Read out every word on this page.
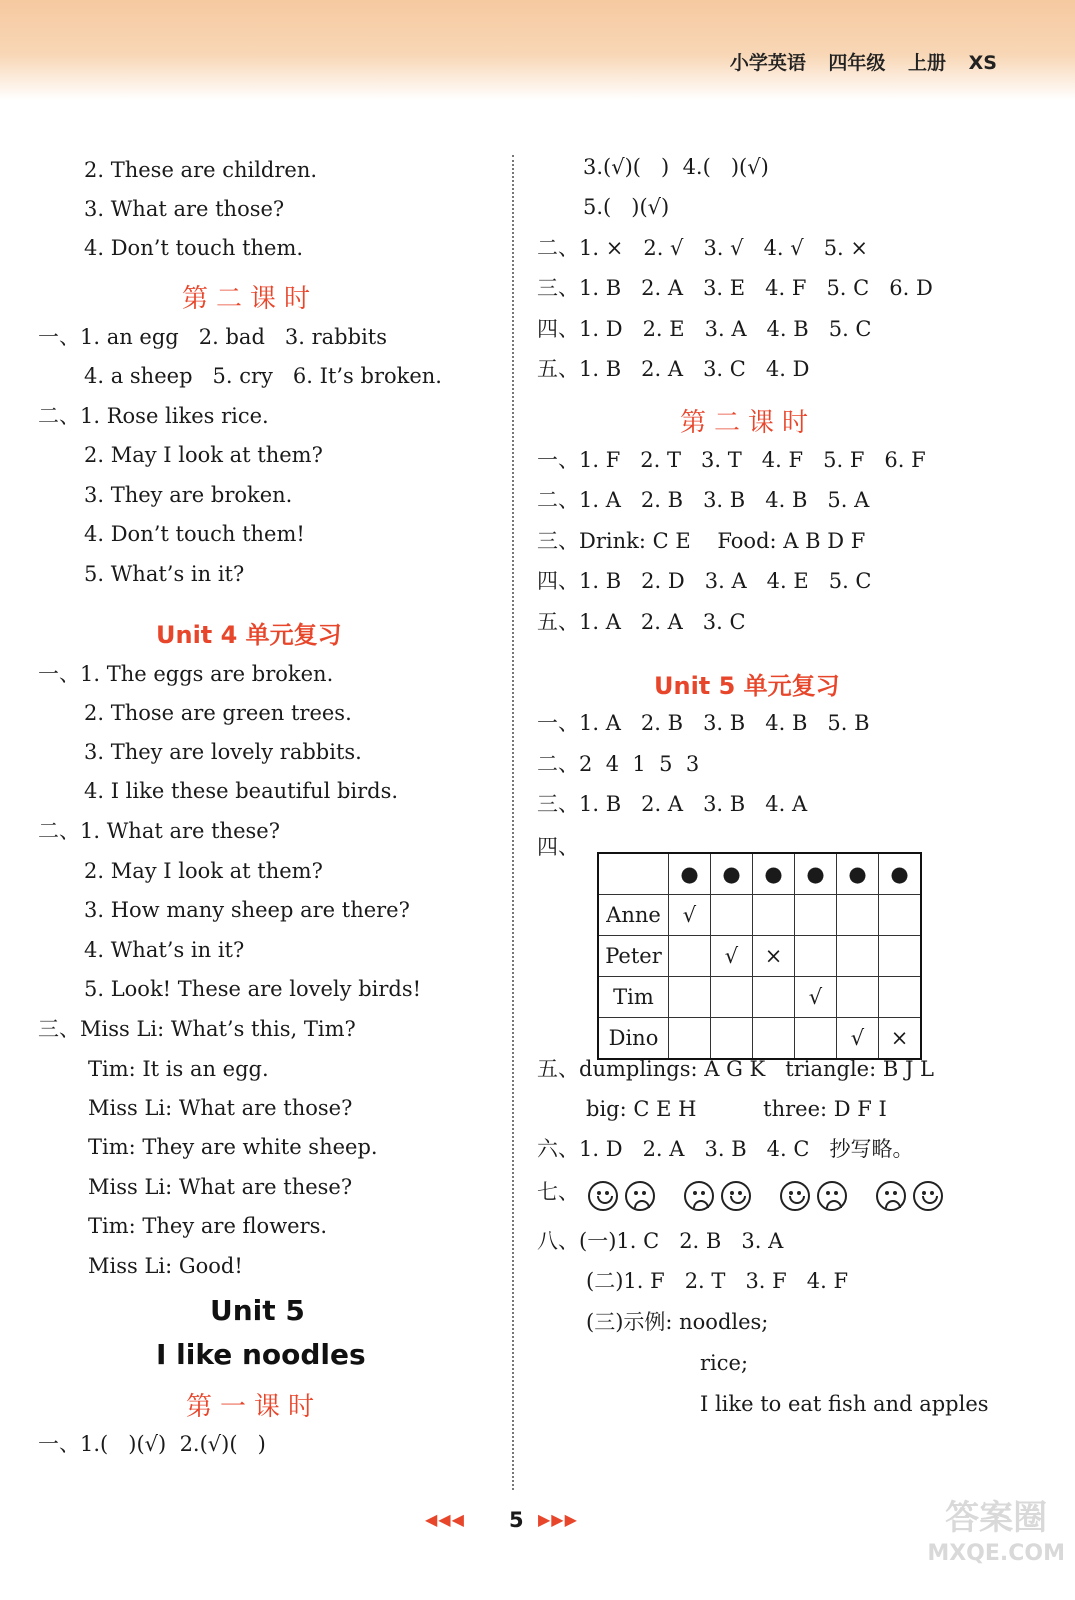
小学英语 四年级 上册 XS
2. These are children.
3. What are those?
4. Don’t touch them.
第二课时
一、1. an egg   2. bad   3. rabbits
4. a sheep   5. cry   6. It’s broken.
二、1. Rose likes rice.
2. May I look at them?
3. They are broken.
4. Don’t touch them!
5. What’s in it?
Unit 4 单元复习
一、1. The eggs are broken.
2. Those are green trees.
3. They are lovely rabbits.
4. I like these beautiful birds.
二、1. What are these?
2. May I look at them?
3. How many sheep are there?
4. What’s in it?
5. Look! These are lovely birds!
三、Miss Li: What’s this, Tim?
Tim: It is an egg.
Miss Li: What are those?
Tim: They are white sheep.
Miss Li: What are these?
Tim: They are flowers.
Miss Li: Good!
Unit 5
I like noodles
第一课时
一、1.(   )(√)  2.(√)(   )
3.(√)(   )  4.(   )(√)
5.(   )(√)
二、1. ×   2. √   3. √   4. √   5. ×
三、1. B   2. A   3. E   4. F   5. C   6. D
四、1. D   2. E   3. A   4. B   5. C
五、1. B   2. A   3. C   4. D
第二课时
一、1. F   2. T   3. T   4. F   5. F   6. F
二、1. A   2. B   3. B   4. B   5. A
三、Drink: C E    Food: A B D F
四、1. B   2. D   3. A   4. E   5. C
五、1. A   2. A   3. C
Unit 5 单元复习
一、1. A   2. B   3. B   4. B   5. B
二、2  4  1  5  3
三、1. B   2. A   3. B   4. A
四、
	●	●	●	●	●	●
Anne	√					
Peter		√	×			
Tim				√		
Dino					√	×
五、dumplings: A G K   triangle: B J L
big: C E H          three: D F I
六、1. D   2. A   3. B   4. C   抄写略。
七、
八、(一)1. C   2. B   3. A
(二)1. F   2. T   3. F   4. F
(三)示例: noodles;
rice;
I like to eat fish and apples
◀◀◀ 5 ▶▶▶	答案圈
MXQE.COM
